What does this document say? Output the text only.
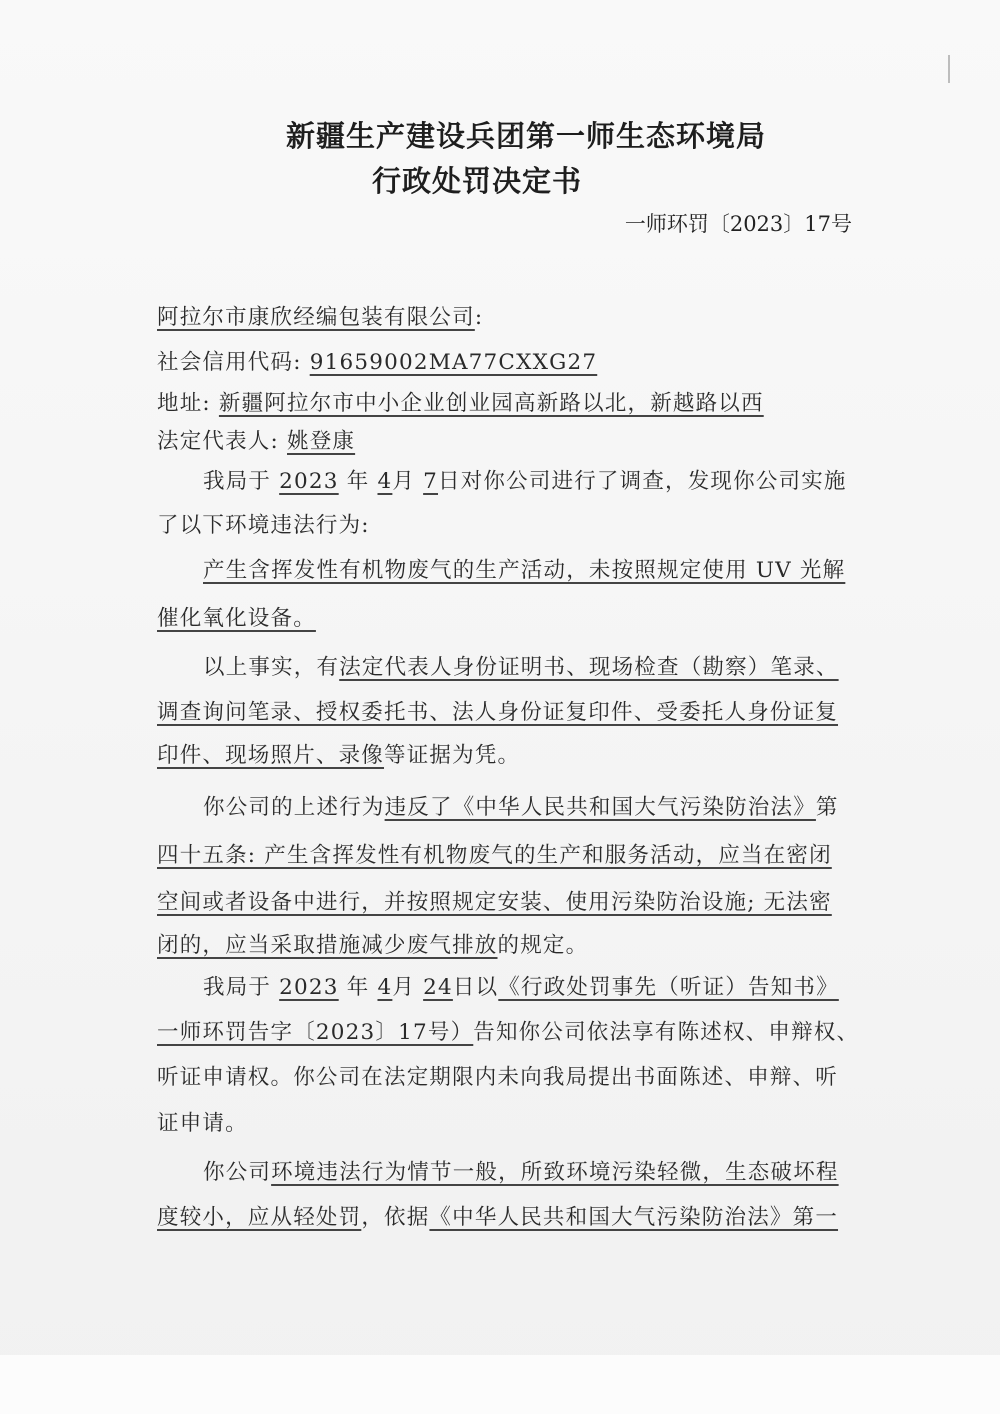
新疆生产建设兵团第一师生态环境局
行政处罚决定书
一师环罚〔2023〕17号
阿拉尔市康欣经编包装有限公司:
社会信用代码: 91659002MA77CXXG27
地址: 新疆阿拉尔市中小企业创业园高新路以北，新越路以西
法定代表人: 姚登康
我局于 2023 年 4月 7日对你公司进行了调查，发现你公司实施
了以下环境违法行为:
产生含挥发性有机物废气的生产活动，未按照规定使用 UV 光解
催化氧化设备。
以上事实，有法定代表人身份证明书、现场检查（勘察）笔录、
调查询问笔录、授权委托书、法人身份证复印件、受委托人身份证复
印件、现场照片、录像等证据为凭。
你公司的上述行为违反了《中华人民共和国大气污染防治法》第
四十五条: 产生含挥发性有机物废气的生产和服务活动，应当在密闭
空间或者设备中进行，并按照规定安装、使用污染防治设施; 无法密
闭的，应当采取措施减少废气排放的规定。
我局于 2023 年 4月 24日以《行政处罚事先（听证）告知书》
一师环罚告字〔2023〕17号）告知你公司依法享有陈述权、申辩权、
听证申请权。你公司在法定期限内未向我局提出书面陈述、申辩、听
证申请。
你公司环境违法行为情节一般，所致环境污染轻微，生态破坏程
度较小，应从轻处罚，依据《中华人民共和国大气污染防治法》第一
